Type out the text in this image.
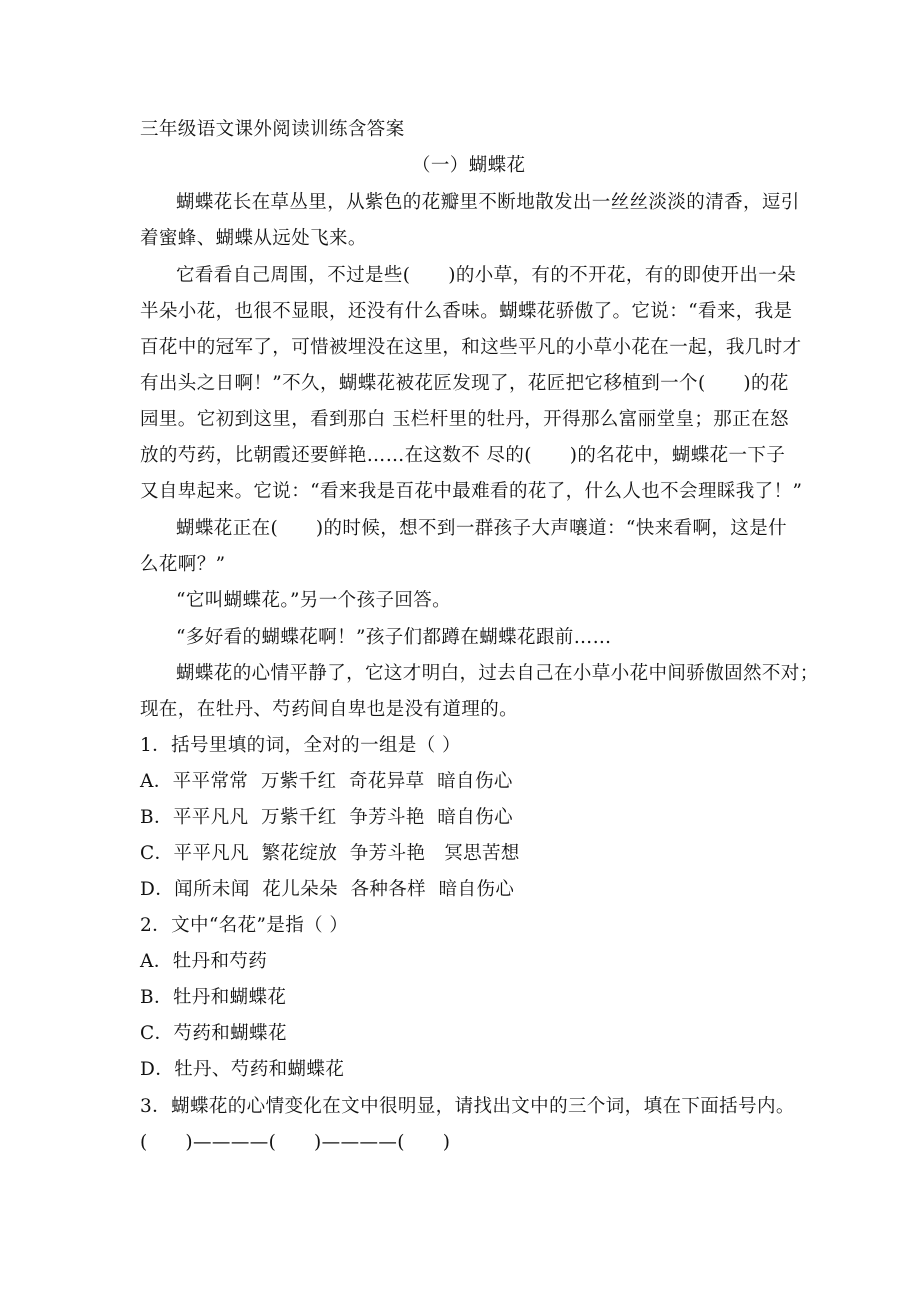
三年级语文课外阅读训练含答案
（一）蝴蝶花
蝴蝶花长在草丛里，从紫色的花瓣里不断地散发出一丝丝淡淡的清香，逗引
着蜜蜂、蝴蝶从远处飞来。
它看看自己周围，不过是些(　　)的小草，有的不开花，有的即使开出一朵
半朵小花，也很不显眼，还没有什么香味。蝴蝶花骄傲了。它说：“看来，我是
百花中的冠军了，可惜被埋没在这里，和这些平凡的小草小花在一起，我几时才
有出头之日啊！”不久，蝴蝶花被花匠发现了，花匠把它移植到一个(　　)的花
园里。它初到这里，看到那白 玉栏杆里的牡丹，开得那么富丽堂皇；那正在怒
放的芍药，比朝霞还要鲜艳……在这数不 尽的(　　)的名花中，蝴蝶花一下子
又自卑起来。它说：“看来我是百花中最难看的花了，什么人也不会理睬我了！”
蝴蝶花正在(　　)的时候，想不到一群孩子大声嚷道：“快来看啊，这是什
么花啊？”
“它叫蝴蝶花。”另一个孩子回答。
“多好看的蝴蝶花啊！”孩子们都蹲在蝴蝶花跟前……
蝴蝶花的心情平静了，它这才明白，过去自己在小草小花中间骄傲固然不对；
现在，在牡丹、芍药间自卑也是没有道理的。
1．括号里填的词，全对的一组是（ ）
A．平平常常  万紫千红  奇花异草  暗自伤心
B．平平凡凡  万紫千红  争芳斗艳  暗自伤心
C．平平凡凡  繁花绽放  争芳斗艳   冥思苦想
D．闻所未闻  花儿朵朵  各种各样  暗自伤心
2．文中“名花”是指（ ）
A．牡丹和芍药
B．牡丹和蝴蝶花
C．芍药和蝴蝶花
D．牡丹、芍药和蝴蝶花
3．蝴蝶花的心情变化在文中很明显，请找出文中的三个词，填在下面括号内。
(　　)————(　　)————(　　)
